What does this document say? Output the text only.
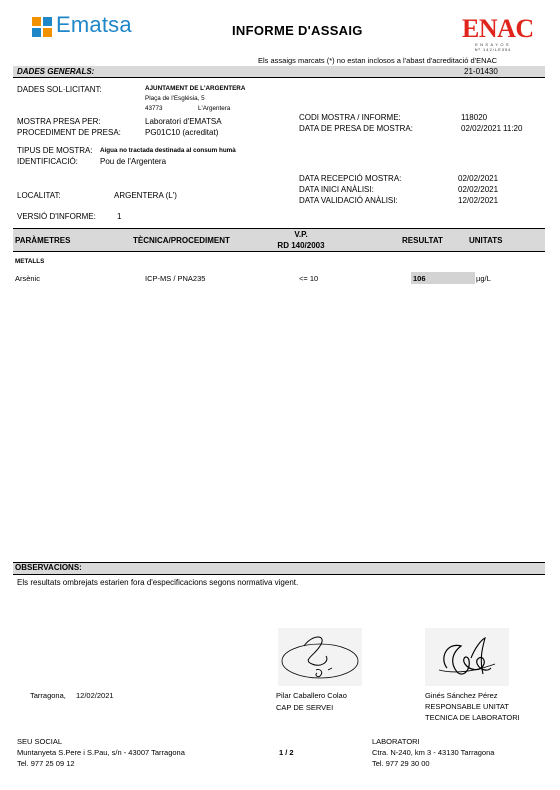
Ematsa	INFORME D'ASSAIG	ENAC
ENSAYOS
Nº 142/LE354
Els assaigs marcats (*) no estan inclosos a l'abast d'acreditació d'ENAC
DADES GENERALS:	21-01430
DADES SOL·LICITANT:	AJUNTAMENT DE L'ARGENTERA
Plaça de l'Església, 5
43773	L'Argentera
MOSTRA PRESA PER:	Laboratori d'EMATSA
PROCEDIMENT DE PRESA:	PG01C10 (acreditat)
CODI MOSTRA / INFORME:	118020
DATA DE PRESA DE MOSTRA:	02/02/2021 11:20
TIPUS DE MOSTRA: Aigua no tractada destinada al consum humà
IDENTIFICACIÓ:	Pou de l'Argentera
DATA RECEPCIÓ MOSTRA:	02/02/2021
DATA INICI ANÀLISI:	02/02/2021
DATA VALIDACIÓ ANÀLISI:	12/02/2021
LOCALITAT:	ARGENTERA (L')
VERSIÓ D'INFORME:	1
PARÀMETRES	TÈCNICA/PROCEDIMENT
V.P.
RD 140/2003
RESULTAT	UNITATS
METALLS
Arsènic	ICP-MS / PNA235	<= 10	106	µg/L
OBSERVACIONS:
Els resultats ombrejats estarien fora d'especificacions segons normativa vigent.
Tarragona, 12/02/2021	Pilar Caballero Colao
CAP DE SERVEI
Ginés Sánchez Pérez
RESPONSABLE UNITAT
TECNICA DE LABORATORI
SEU SOCIAL
Muntanyeta S.Pere i S.Pau, s/n - 43007 Tarragona
Tel. 977 25 09 12
1 / 2
LABORATORI
Ctra. N-240, km 3 - 43130 Tarragona
Tel. 977 29 30 00
